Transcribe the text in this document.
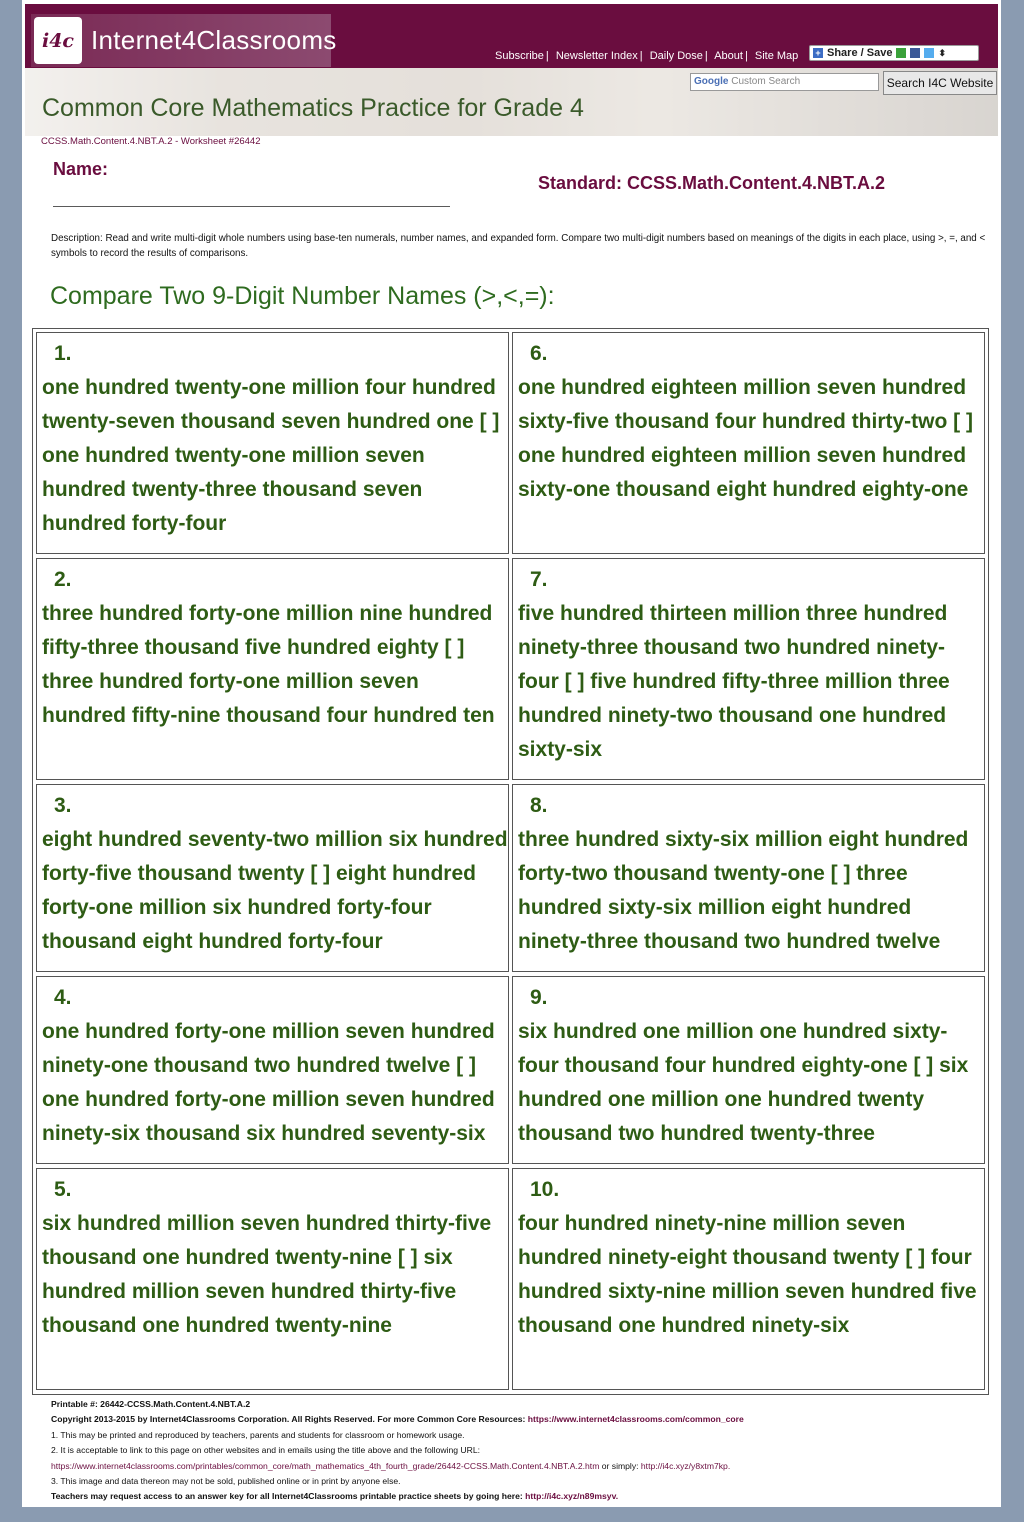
i4c Internet4Classrooms
Subscribe | Newsletter Index | Daily Dose | About | Site Map + Share / Save	⬍
Google Custom Search	Search I4C Website
Common Core Mathematics Practice for Grade 4
CCSS.Math.Content.4.NBT.A.2 - Worksheet #26442
Name:
Standard: CCSS.Math.Content.4.NBT.A.2
Description: Read and write multi-digit whole numbers using base-ten numerals, number names, and expanded form. Compare two multi-digit numbers based on meanings of the digits in each place, using >, =, and < symbols to record the results of comparisons.
Compare Two 9-Digit Number Names (>,<,=):
1.
one hundred twenty-one million four hundred twenty-seven thousand seven hundred one [ ] one hundred twenty-one million seven hundred twenty-three thousand seven hundred forty-four
2.
three hundred forty-one million nine hundred fifty-three thousand five hundred eighty [ ] three hundred forty-one million seven hundred fifty-nine thousand four hundred ten
3.
eight hundred seventy-two million six hundred forty-five thousand twenty [ ] eight hundred forty-one million six hundred forty-four thousand eight hundred forty-four
4.
one hundred forty-one million seven hundred ninety-one thousand two hundred twelve [ ] one hundred forty-one million seven hundred ninety-six thousand six hundred seventy-six
5.
six hundred million seven hundred thirty-five thousand one hundred twenty-nine [ ] six hundred million seven hundred thirty-five thousand one hundred twenty-nine
6.
one hundred eighteen million seven hundred sixty-five thousand four hundred thirty-two [ ] one hundred eighteen million seven hundred sixty-one thousand eight hundred eighty-one
7.
five hundred thirteen million three hundred ninety-three thousand two hundred ninety-four [ ] five hundred fifty-three million three hundred ninety-two thousand one hundred sixty-six
8.
three hundred sixty-six million eight hundred forty-two thousand twenty-one [ ] three hundred sixty-six million eight hundred ninety-three thousand two hundred twelve
9.
six hundred one million one hundred sixty-four thousand four hundred eighty-one [ ] six hundred one million one hundred twenty thousand two hundred twenty-three
10.
four hundred ninety-nine million seven hundred ninety-eight thousand twenty [ ] four hundred sixty-nine million seven hundred five thousand one hundred ninety-six
Printable #: 26442-CCSS.Math.Content.4.NBT.A.2
Copyright 2013-2015 by Internet4Classrooms Corporation. All Rights Reserved. For more Common Core Resources: https://www.internet4classrooms.com/common_core
1. This may be printed and reproduced by teachers, parents and students for classroom or homework usage.
2. It is acceptable to link to this page on other websites and in emails using the title above and the following URL:
https://www.internet4classrooms.com/printables/common_core/math_mathematics_4th_fourth_grade/26442-CCSS.Math.Content.4.NBT.A.2.htm or simply: http://i4c.xyz/y8xtm7kp.
3. This image and data thereon may not be sold, published online or in print by anyone else.
Teachers may request access to an answer key for all Internet4Classrooms printable practice sheets by going here: http://i4c.xyz/n89msyv.
